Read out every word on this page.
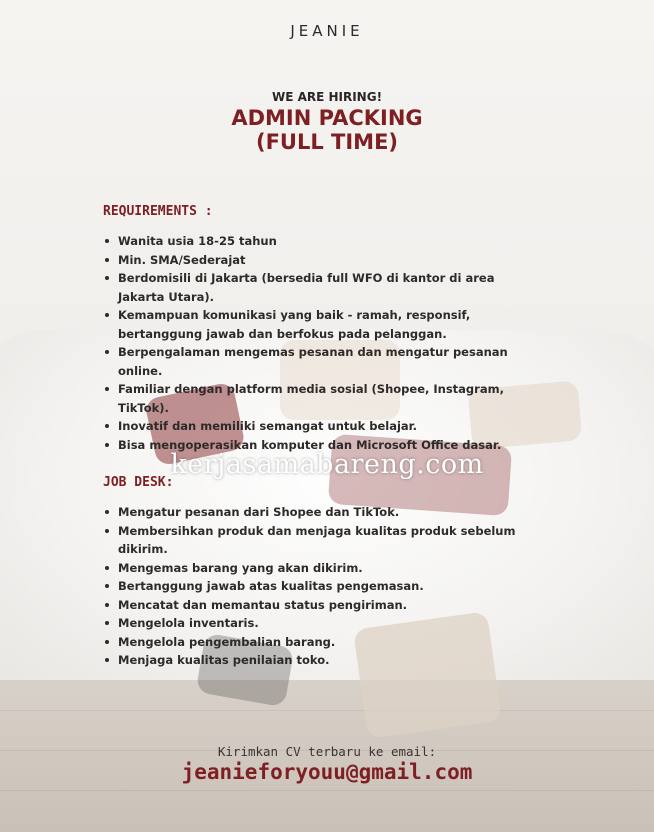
JEANIE
WE ARE HIRING!
ADMIN PACKING
(FULL TIME)
REQUIREMENTS :
Wanita usia 18-25 tahun
Min. SMA/Sederajat
Berdomisili di Jakarta (bersedia full WFO di kantor di area Jakarta Utara).
Kemampuan komunikasi yang baik - ramah, responsif, bertanggung jawab dan berfokus pada pelanggan.
Berpengalaman mengemas pesanan dan mengatur pesanan online.
Familiar dengan platform media sosial (Shopee, Instagram, TikTok).
Inovatif dan memiliki semangat untuk belajar.
Bisa mengoperasikan komputer dan Microsoft Office dasar.
kerjasamabareng.com
JOB DESK:
Mengatur pesanan dari Shopee dan TikTok.
Membersihkan produk dan menjaga kualitas produk sebelum dikirim.
Mengemas barang yang akan dikirim.
Bertanggung jawab atas kualitas pengemasan.
Mencatat dan memantau status pengiriman.
Mengelola inventaris.
Mengelola pengembalian barang.
Menjaga kualitas penilaian toko.
Kirimkan CV terbaru ke email:
jeanieforyouu@gmail.com
